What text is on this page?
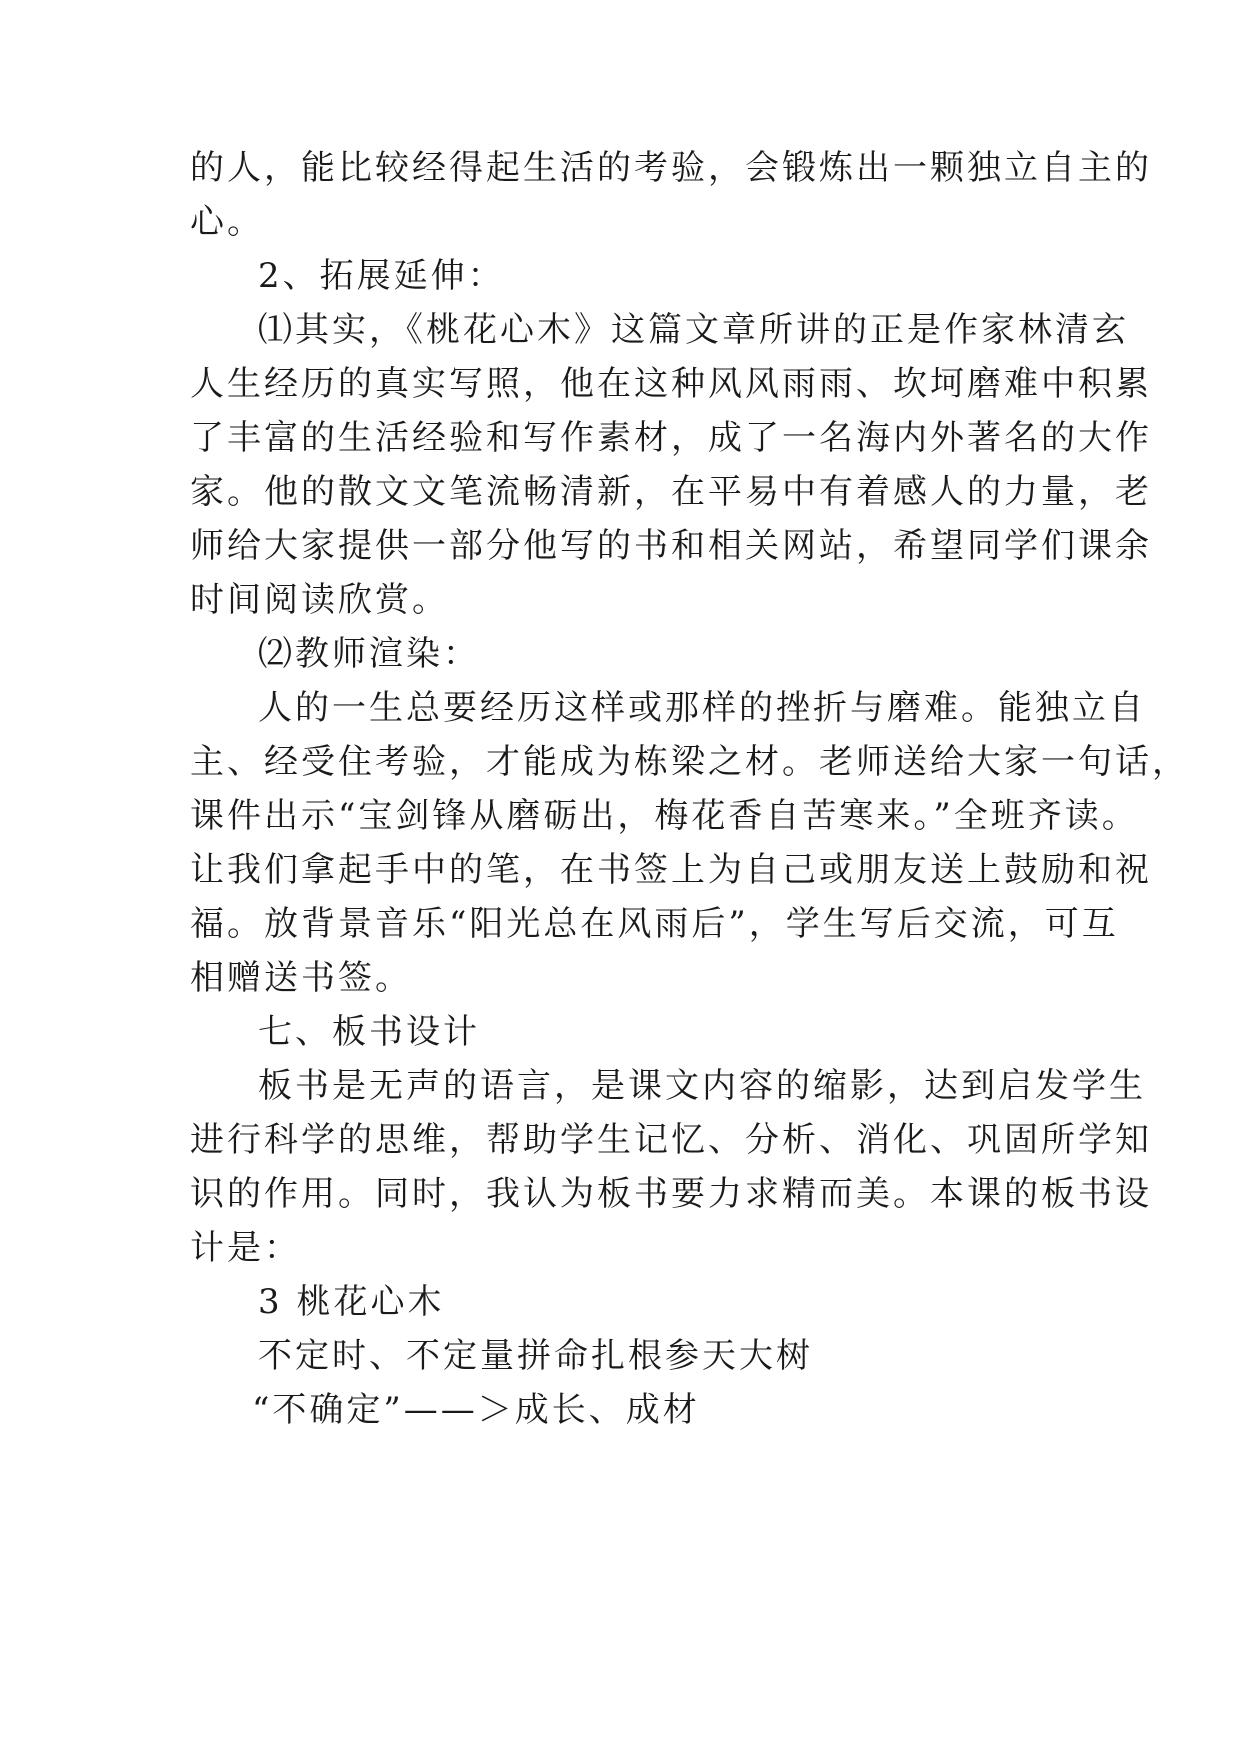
的人，能比较经得起生活的考验，会锻炼出一颗独立自主的
心。
2、拓展延伸：
⑴其实，《桃花心木》这篇文章所讲的正是作家林清玄
人生经历的真实写照，他在这种风风雨雨、坎坷磨难中积累
了丰富的生活经验和写作素材，成了一名海内外著名的大作
家。他的散文文笔流畅清新，在平易中有着感人的力量，老
师给大家提供一部分他写的书和相关网站，希望同学们课余
时间阅读欣赏。
⑵教师渲染：
人的一生总要经历这样或那样的挫折与磨难。能独立自
主、经受住考验，才能成为栋梁之材。老师送给大家一句话，
课件出示“宝剑锋从磨砺出，梅花香自苦寒来。”全班齐读。
让我们拿起手中的笔，在书签上为自己或朋友送上鼓励和祝
福。放背景音乐“阳光总在风雨后”，学生写后交流，可互
相赠送书签。
七、板书设计
板书是无声的语言，是课文内容的缩影，达到启发学生
进行科学的思维，帮助学生记忆、分析、消化、巩固所学知
识的作用。同时，我认为板书要力求精而美。本课的板书设
计是：
3 桃花心木
不定时、不定量拼命扎根参天大树
“不确定”——＞成长、成材
